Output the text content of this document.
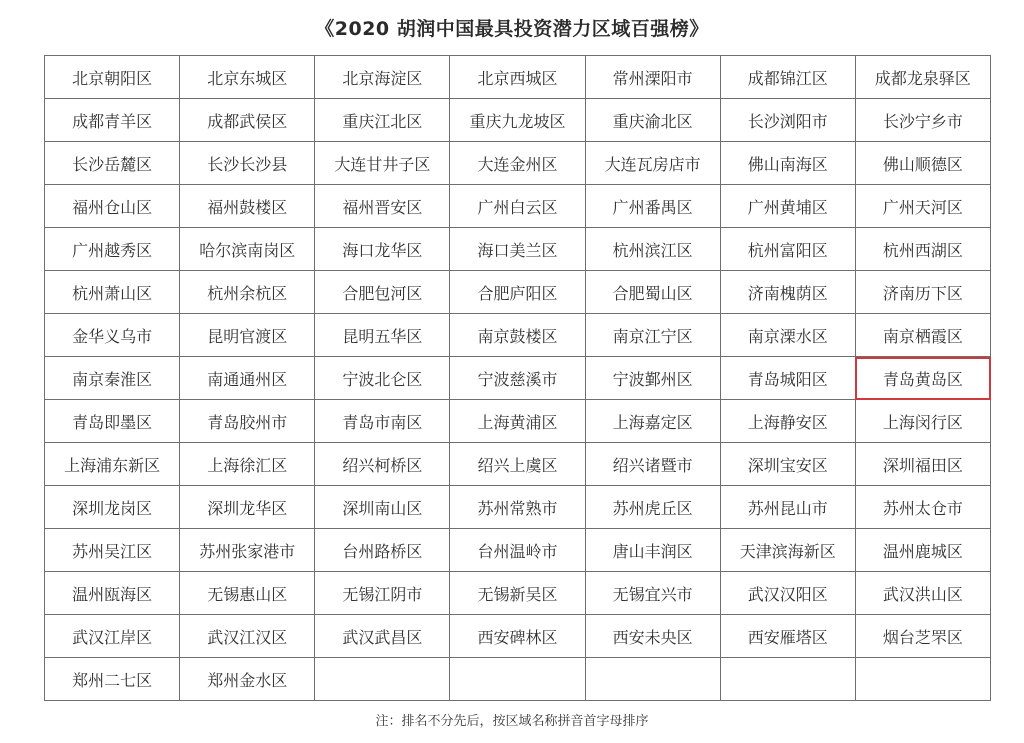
《2020 胡润中国最具投资潜力区域百强榜》
北京朝阳区	北京东城区	北京海淀区	北京西城区	常州溧阳市	成都锦江区	成都龙泉驿区
成都青羊区	成都武侯区	重庆江北区	重庆九龙坡区	重庆渝北区	长沙浏阳市	长沙宁乡市
长沙岳麓区	长沙长沙县	大连甘井子区	大连金州区	大连瓦房店市	佛山南海区	佛山顺德区
福州仓山区	福州鼓楼区	福州晋安区	广州白云区	广州番禺区	广州黄埔区	广州天河区
广州越秀区	哈尔滨南岗区	海口龙华区	海口美兰区	杭州滨江区	杭州富阳区	杭州西湖区
杭州萧山区	杭州余杭区	合肥包河区	合肥庐阳区	合肥蜀山区	济南槐荫区	济南历下区
金华义乌市	昆明官渡区	昆明五华区	南京鼓楼区	南京江宁区	南京溧水区	南京栖霞区
南京秦淮区	南通通州区	宁波北仑区	宁波慈溪市	宁波鄞州区	青岛城阳区	青岛黄岛区
青岛即墨区	青岛胶州市	青岛市南区	上海黄浦区	上海嘉定区	上海静安区	上海闵行区
上海浦东新区	上海徐汇区	绍兴柯桥区	绍兴上虞区	绍兴诸暨市	深圳宝安区	深圳福田区
深圳龙岗区	深圳龙华区	深圳南山区	苏州常熟市	苏州虎丘区	苏州昆山市	苏州太仓市
苏州吴江区	苏州张家港市	台州路桥区	台州温岭市	唐山丰润区	天津滨海新区	温州鹿城区
温州瓯海区	无锡惠山区	无锡江阴市	无锡新吴区	无锡宜兴市	武汉汉阳区	武汉洪山区
武汉江岸区	武汉江汉区	武汉武昌区	西安碑林区	西安未央区	西安雁塔区	烟台芝罘区
郑州二七区	郑州金水区					
注：排名不分先后，按区域名称拼音首字母排序
